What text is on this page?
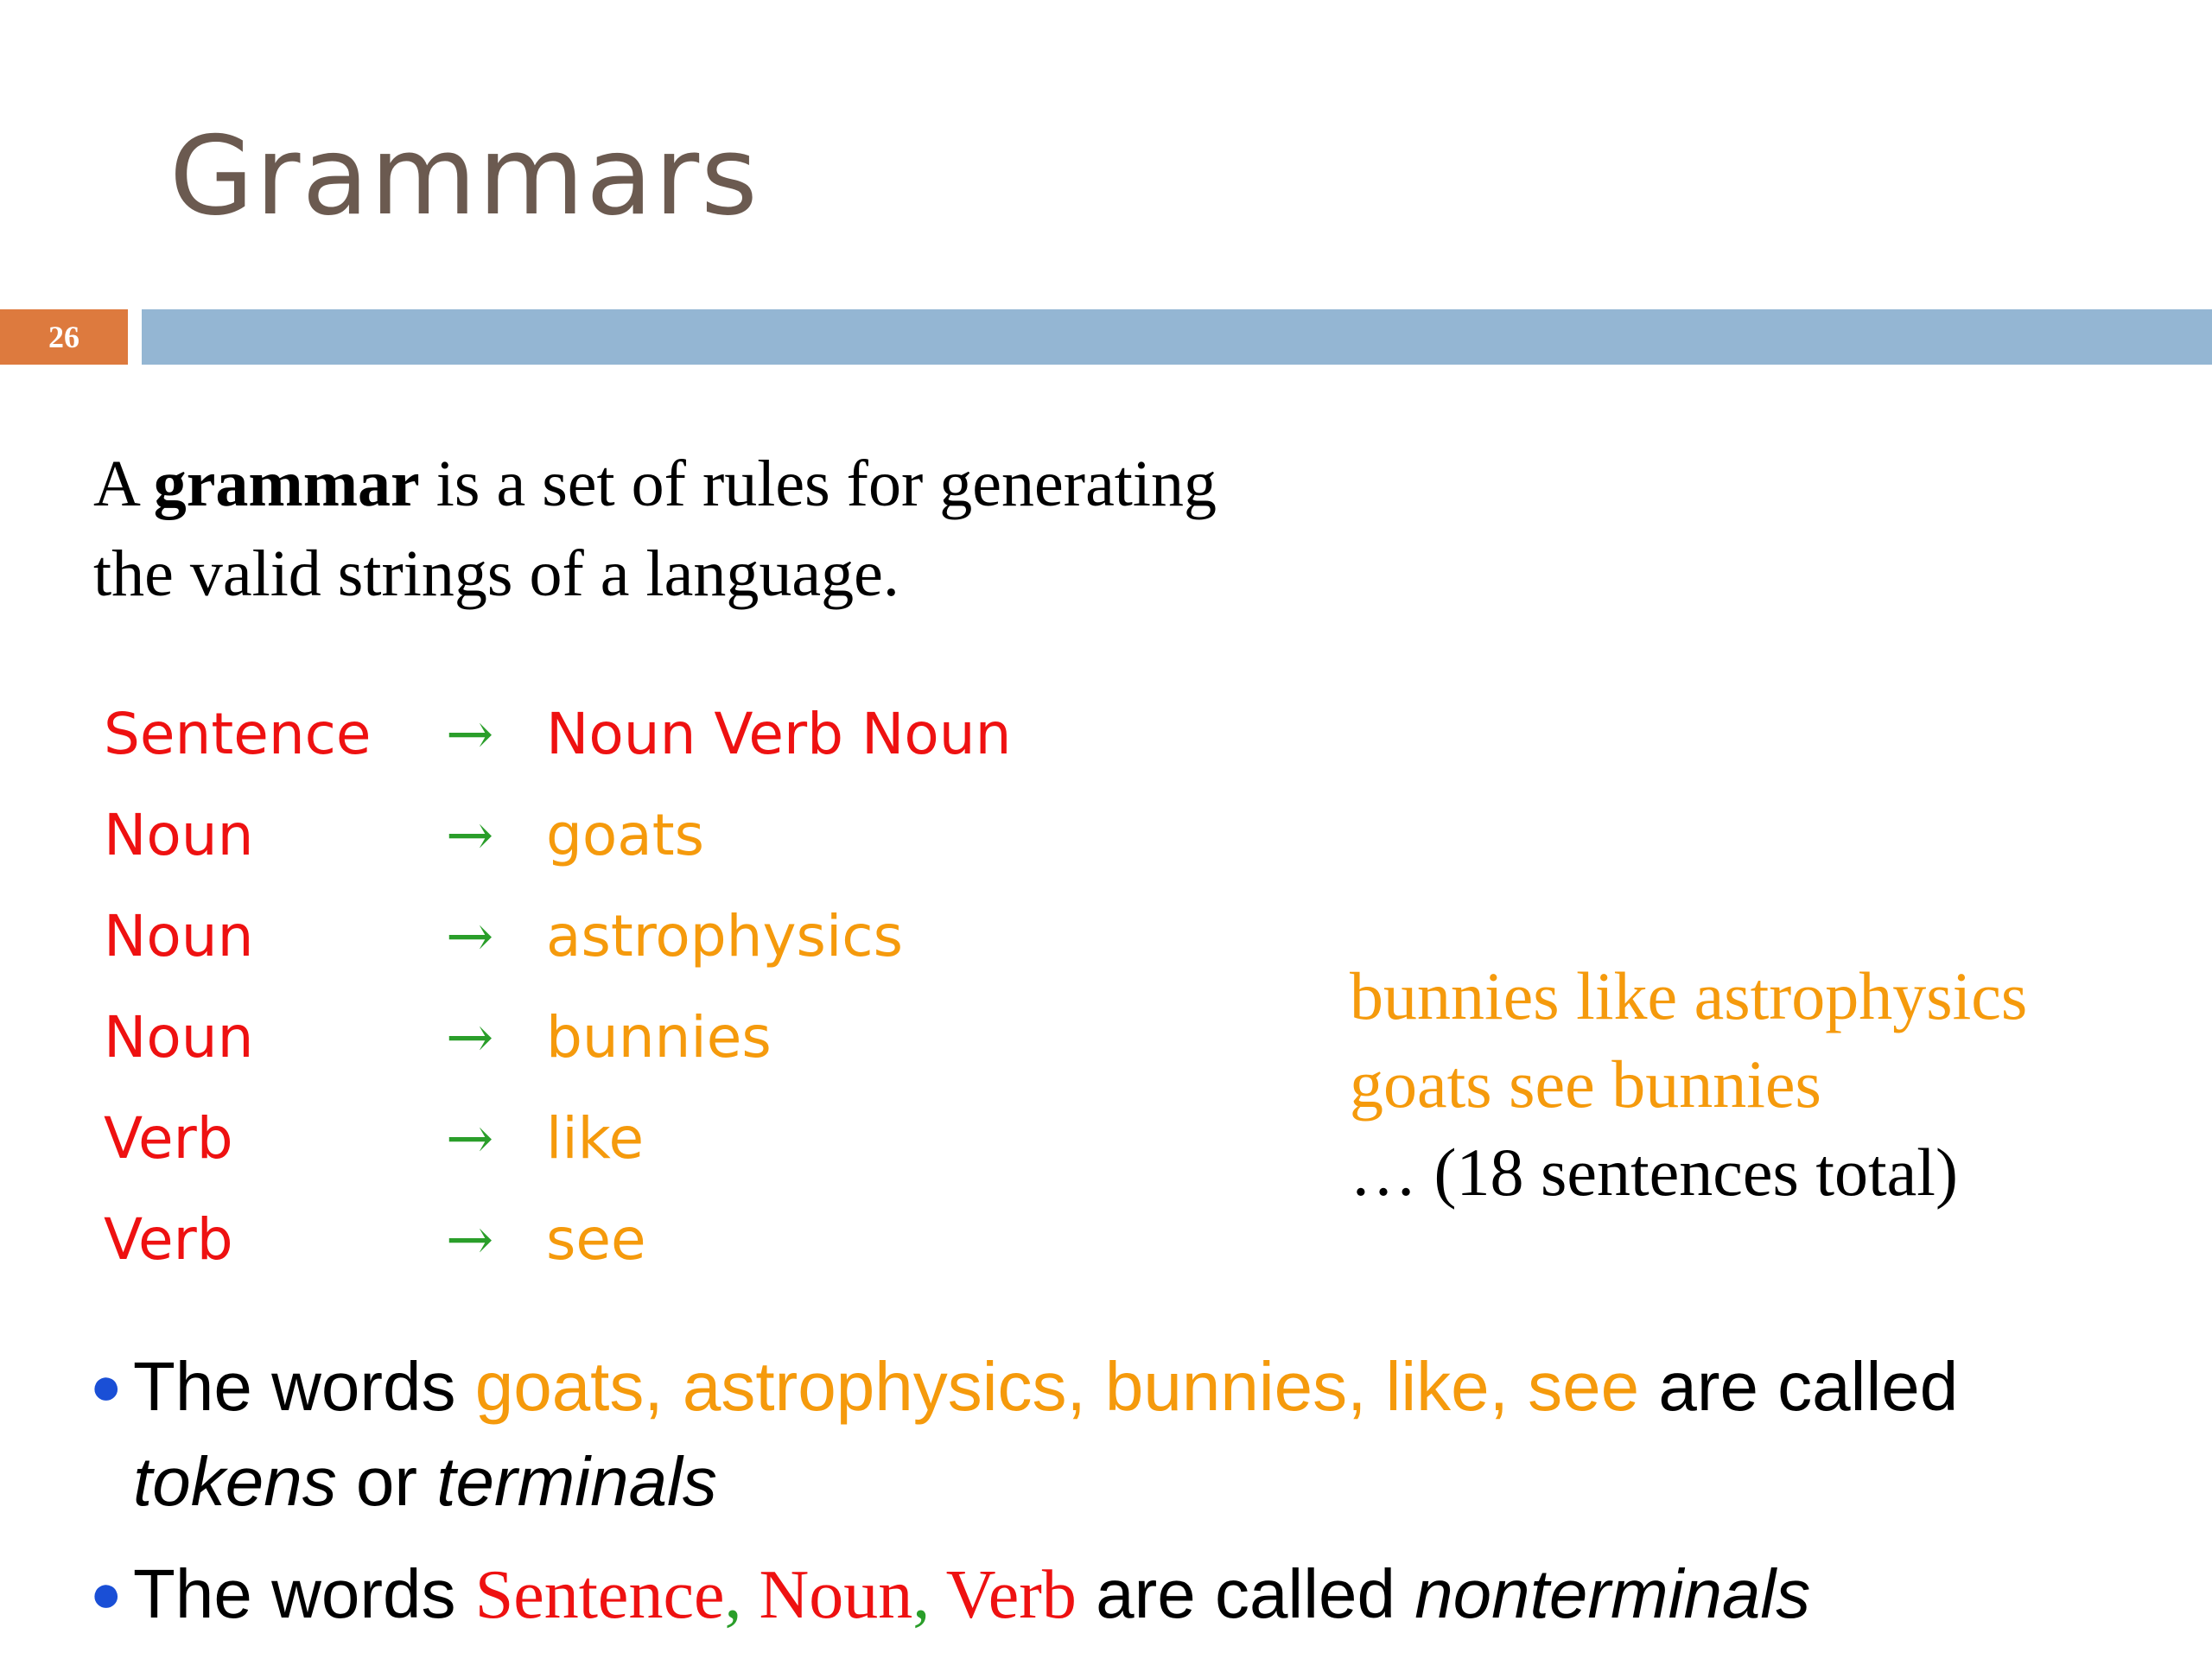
Grammars
26
A grammar is a set of rules for generating
the valid strings of a language.
Sentence → Noun Verb Noun
Noun	→ goats
Noun	→ astrophysics
Noun	→ bunnies
Verb	→ like
Verb	→ see
bunnies like astrophysics
goats see bunnies
… (18 sentences total)
● The words goats, astrophysics, bunnies, like, see are called
tokens or terminals
● The words Sentence, Noun, Verb are called nonterminals
